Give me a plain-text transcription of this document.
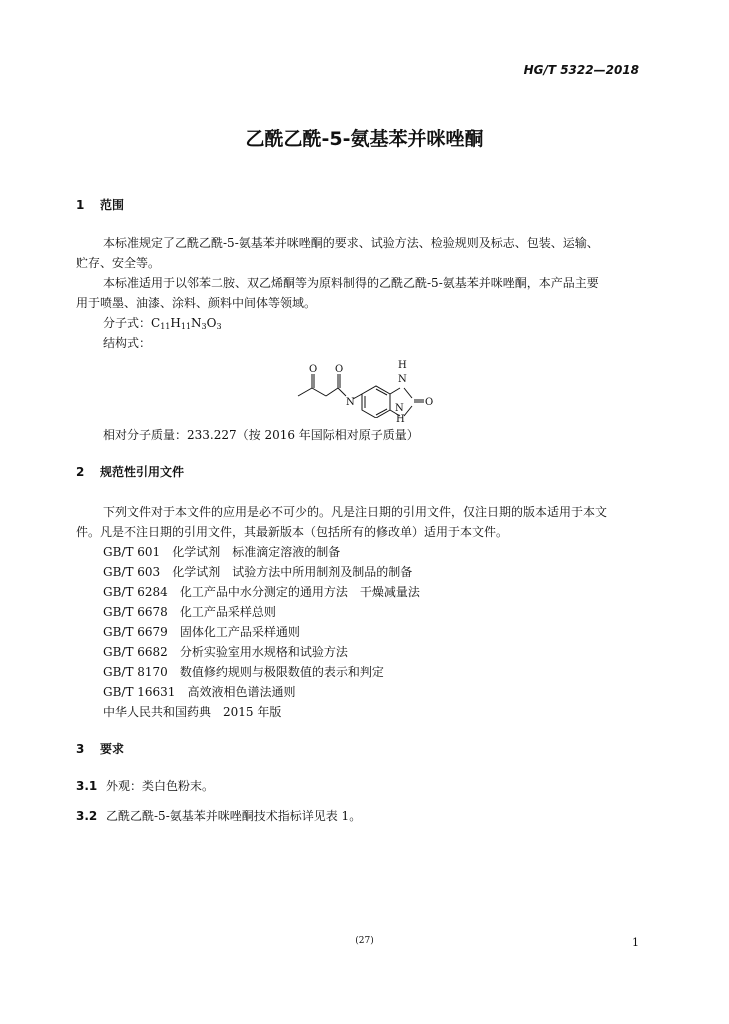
HG/T 5322—2018
乙酰乙酰-5-氨基苯并咪唑酮
1 范围
本标准规定了乙酰乙酰-5-氨基苯并咪唑酮的要求、试验方法、检验规则及标志、包装、运输、
贮存、安全等。
本标准适用于以邻苯二胺、双乙烯酮等为原料制得的乙酰乙酰-5-氨基苯并咪唑酮，本产品主要
用于喷墨、油漆、涂料、颜料中间体等领域。
分子式：$C_{11}H_{11}N_3O_3$
结构式：
O O
N
H
N
O
N
H
相对分子质量：233.227（按 2016 年国际相对原子质量）
2 规范性引用文件
下列文件对于本文件的应用是必不可少的。凡是注日期的引用文件，仅注日期的版本适用于本文
件。凡是不注日期的引用文件，其最新版本（包括所有的修改单）适用于本文件。
GB/T 601　 化学试剂　标准滴定溶液的制备
GB/T 603　 化学试剂　试验方法中所用制剂及制品的制备
GB/T 6284　 化工产品中水分测定的通用方法　干燥减量法
GB/T 6678　 化工产品采样总则
GB/T 6679　 固体化工产品采样通则
GB/T 6682　 分析实验室用水规格和试验方法
GB/T 8170　 数值修约规则与极限数值的表示和判定
GB/T 16631　 高效液相色谱法通则
中华人民共和国药典　2015 年版
3 要求
3.1 外观：类白色粉末。
3.2 乙酰乙酰-5-氨基苯并咪唑酮技术指标详见表 1。
(27)	1
